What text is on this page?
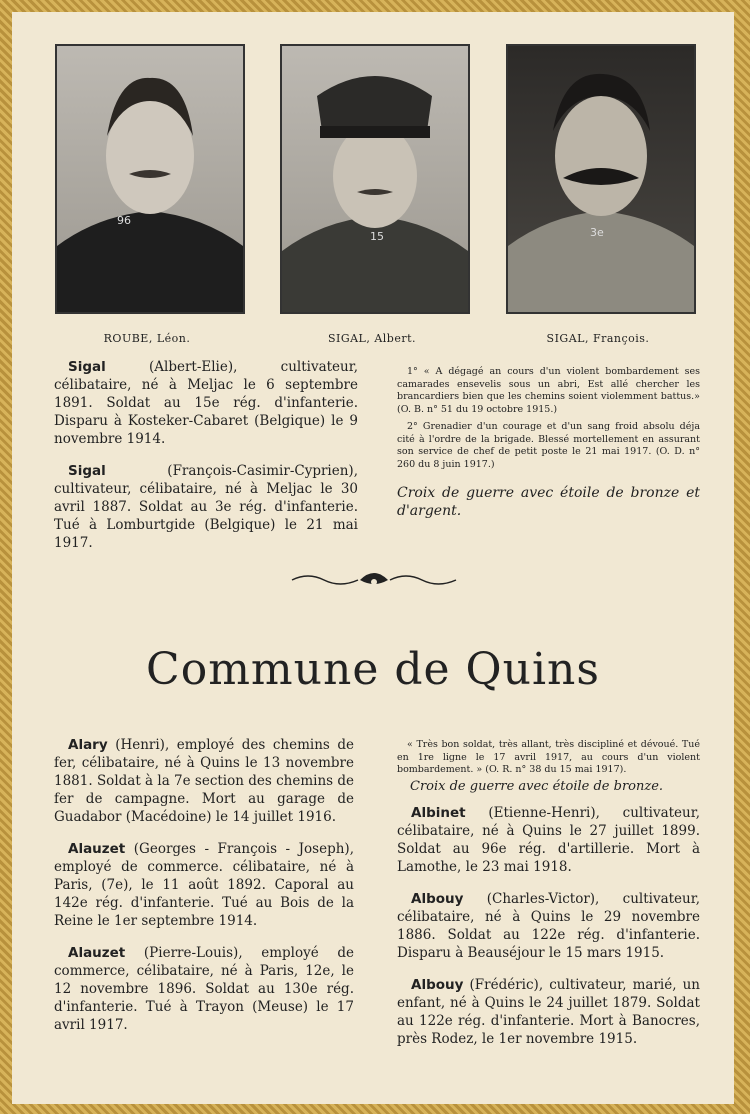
96
15	3e
ROUBE, Léon.	SIGAL, Albert.	SIGAL, François.

Sigal	(Albert-Elie), cultivateur, célibataire, né à Meljac le 6 septembre 1891. Soldat au 15e rég. d'infanterie. Disparu à Kosteker-Cabaret (Belgique) le 9 novembre 1914.

Sigal	(François-Casimir-Cyprien), cultivateur, célibataire, né à Meljac le 30 avril 1887. Soldat au 3e rég. d'infanterie. Tué à Lomburtgide (Belgique) le 21 mai 1917.

1° « A dégagé an cours d'un violent bombardement ses camarades ensevelis sous un abri, Est allé chercher les brancardiers bien que les chemins soient violemment battus.» (O. B. n° 51 du 19 octobre 1915.)

2° Grenadier d'un courage et d'un sang froid absolu déja cité à l'ordre de la brigade. Blessé mortellement en assurant son service de chef de petit poste le 21 mai 1917. (O. D. n° 260 du 8 juin 1917.)

Croix de guerre avec étoile de bronze et d'argent.
Commune de Quins

Alary (Henri), employé des chemins de fer, célibataire, né à Quins le 13 novembre 1881. Soldat à la 7e section des chemins de fer de campagne. Mort au garage de Guadabor (Macédoine) le 14 juillet 1916.

Alauzet (Georges - François - Joseph), employé de commerce. célibataire, né à Paris, (7e), le 11 août 1892. Caporal au 142e rég. d'infanterie. Tué au Bois de la Reine le 1er septembre 1914.

Alauzet (Pierre-Louis), employé de commerce, célibataire, né à Paris, 12e, le 12 novembre 1896. Soldat au 130e rég. d'infanterie. Tué à Trayon (Meuse) le 17 avril 1917.

« Très bon soldat, très allant, très discipliné et dévoué. Tué en 1re ligne le 17 avril 1917, au cours d'un violent bombardement. » (O. R. n° 38 du 15 mai 1917).

Croix de guerre avec étoile de bronze.

Albinet (Etienne-Henri), cultivateur, célibataire, né à Quins le 27 juillet 1899. Soldat au 96e rég. d'artillerie. Mort à Lamothe, le 23 mai 1918.

Albouy (Charles-Victor), cultivateur, célibataire, né à Quins le 29 novembre 1886. Soldat au 122e rég. d'infanterie. Disparu à Beauséjour le 15 mars 1915.

Albouy (Frédéric), cultivateur, marié, un enfant, né à Quins le 24 juillet 1879. Soldat au 122e rég. d'infanterie. Mort à Banocres, près Rodez, le 1er novembre 1915.
